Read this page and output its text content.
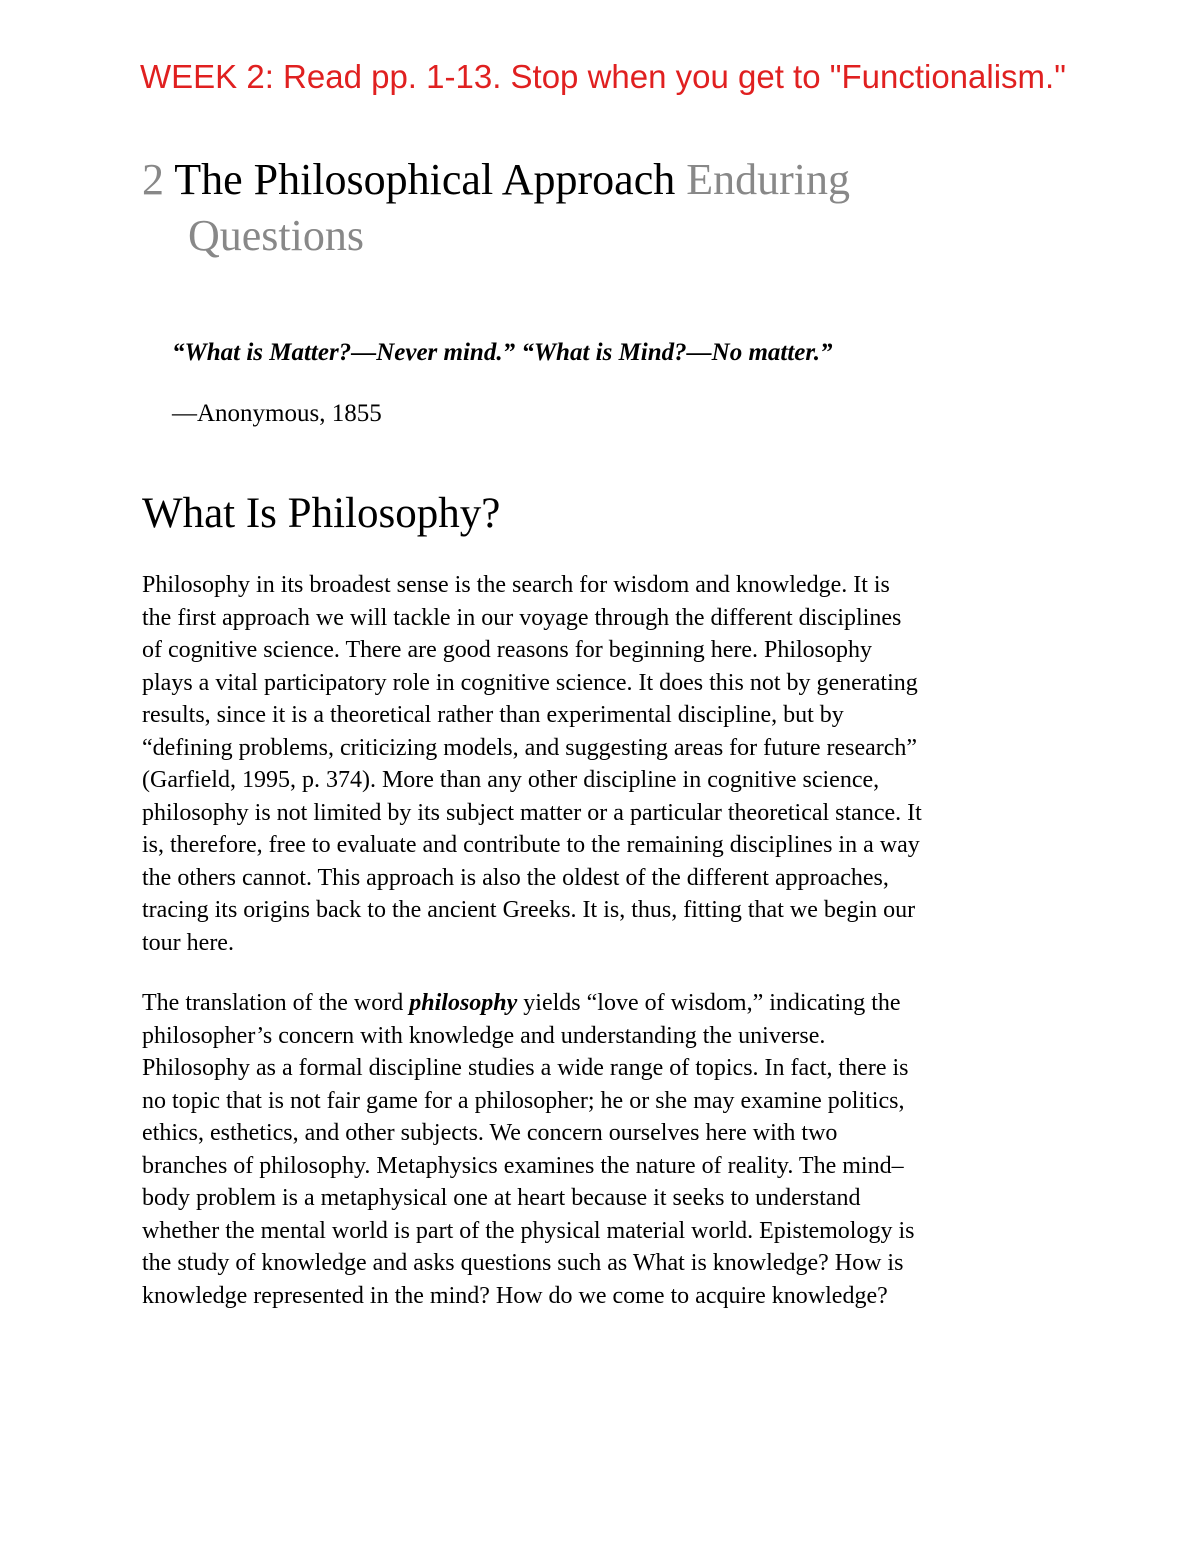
WEEK 2: Read pp. 1-13. Stop when you get to "Functionalism."
2 The Philosophical Approach Enduring
Questions
“What is Matter?—Never mind.” “What is Mind?—No matter.”
—Anonymous, 1855
What Is Philosophy?
Philosophy in its broadest sense is the search for wisdom and knowledge. It is
the first approach we will tackle in our voyage through the different disciplines
of cognitive science. There are good reasons for beginning here. Philosophy
plays a vital participatory role in cognitive science. It does this not by generating
results, since it is a theoretical rather than experimental discipline, but by
“defining problems, criticizing models, and suggesting areas for future research”
(Garfield, 1995, p. 374). More than any other discipline in cognitive science,
philosophy is not limited by its subject matter or a particular theoretical stance. It
is, therefore, free to evaluate and contribute to the remaining disciplines in a way
the others cannot. This approach is also the oldest of the different approaches,
tracing its origins back to the ancient Greeks. It is, thus, fitting that we begin our
tour here.
The translation of the word philosophy yields “love of wisdom,” indicating the
philosopher’s concern with knowledge and understanding the universe.
Philosophy as a formal discipline studies a wide range of topics. In fact, there is
no topic that is not fair game for a philosopher; he or she may examine politics,
ethics, esthetics, and other subjects. We concern ourselves here with two
branches of philosophy. Metaphysics examines the nature of reality. The mind–
body problem is a metaphysical one at heart because it seeks to understand
whether the mental world is part of the physical material world. Epistemology is
the study of knowledge and asks questions such as What is knowledge? How is
knowledge represented in the mind? How do we come to acquire knowledge?
